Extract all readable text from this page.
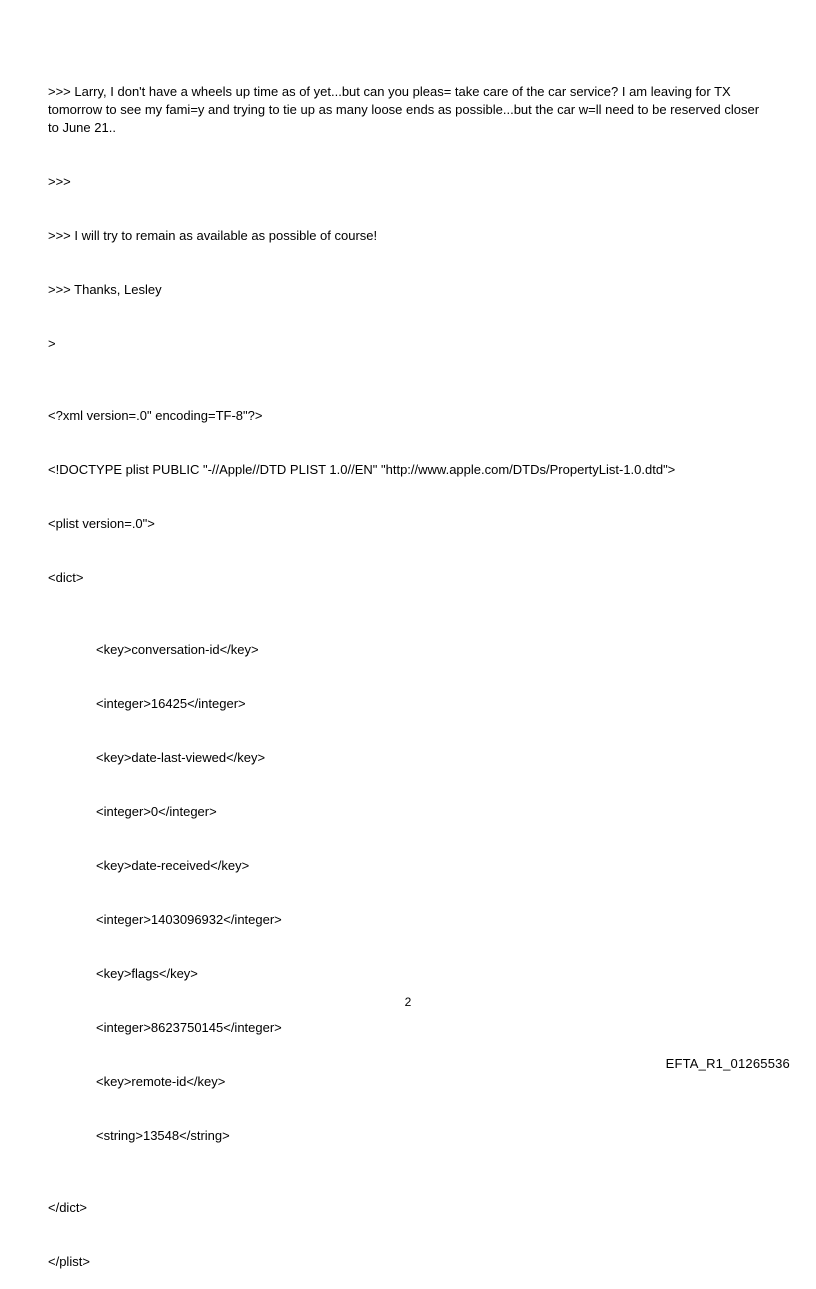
>>> Larry, I don't have a wheels up time as of yet...but can you pleas= take care of the car service? I am leaving for TX tomorrow to see my fami=y and trying to tie up as many loose ends as possible...but the car w=ll need to be reserved closer to June 21..

>>>

>>> I will try to remain as available as possible of course!

>>> Thanks, Lesley

>

<?xml version=.0" encoding=TF-8"?>

<!DOCTYPE plist PUBLIC "-//Apple//DTD PLIST 1.0//EN" "http://www.apple.com/DTDs/PropertyList-1.0.dtd">

<plist version=.0">

<dict>

<key>conversation-id</key>

<integer>16425</integer>

<key>date-last-viewed</key>

<integer>0</integer>

<key>date-received</key>

<integer>1403096932</integer>

<key>flags</key>

<integer>8623750145</integer>

<key>remote-id</key>

<string>13548</string>

</dict>

</plist>

2
EFTA_R1_01265536
